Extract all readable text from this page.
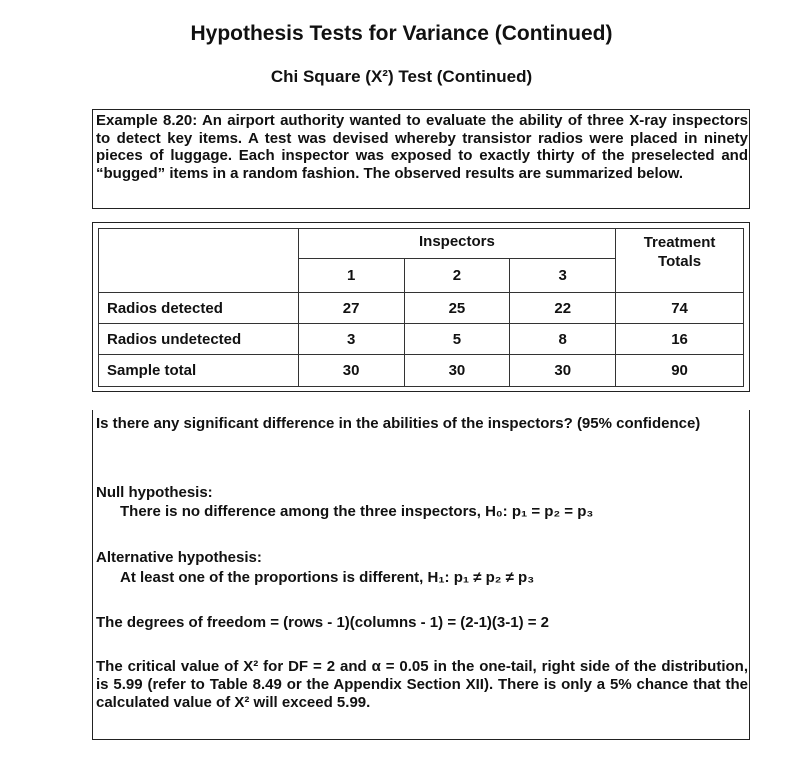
Hypothesis Tests for Variance (Continued)
Chi Square (X²) Test (Continued)
Example 8.20: An airport authority wanted to evaluate the ability of three X-ray inspectors to detect key items. A test was devised whereby transistor radios were placed in ninety pieces of luggage. Each inspector was exposed to exactly thirty of the preselected and “bugged” items in a random fashion. The observed results are summarized below.
	Inspectors			Treatment
Totals

	1	2	3	
Radios detected	27	25	22	74
Radios undetected	3	5	8	16
Sample total	30	30	30	90
Is there any significant difference in the abilities of the inspectors? (95% confidence)
Null hypothesis:
There is no difference among the three inspectors, H₀: p₁ = p₂ = p₃
Alternative hypothesis:
At least one of the proportions is different, H₁: p₁ ≠ p₂ ≠ p₃
The degrees of freedom = (rows - 1)(columns - 1) = (2-1)(3-1) = 2
The critical value of X² for DF = 2 and α = 0.05 in the one-tail, right side of the distribution, is 5.99 (refer to Table 8.49 or the Appendix Section XII). There is only a 5% chance that the calculated value of X² will exceed 5.99.
